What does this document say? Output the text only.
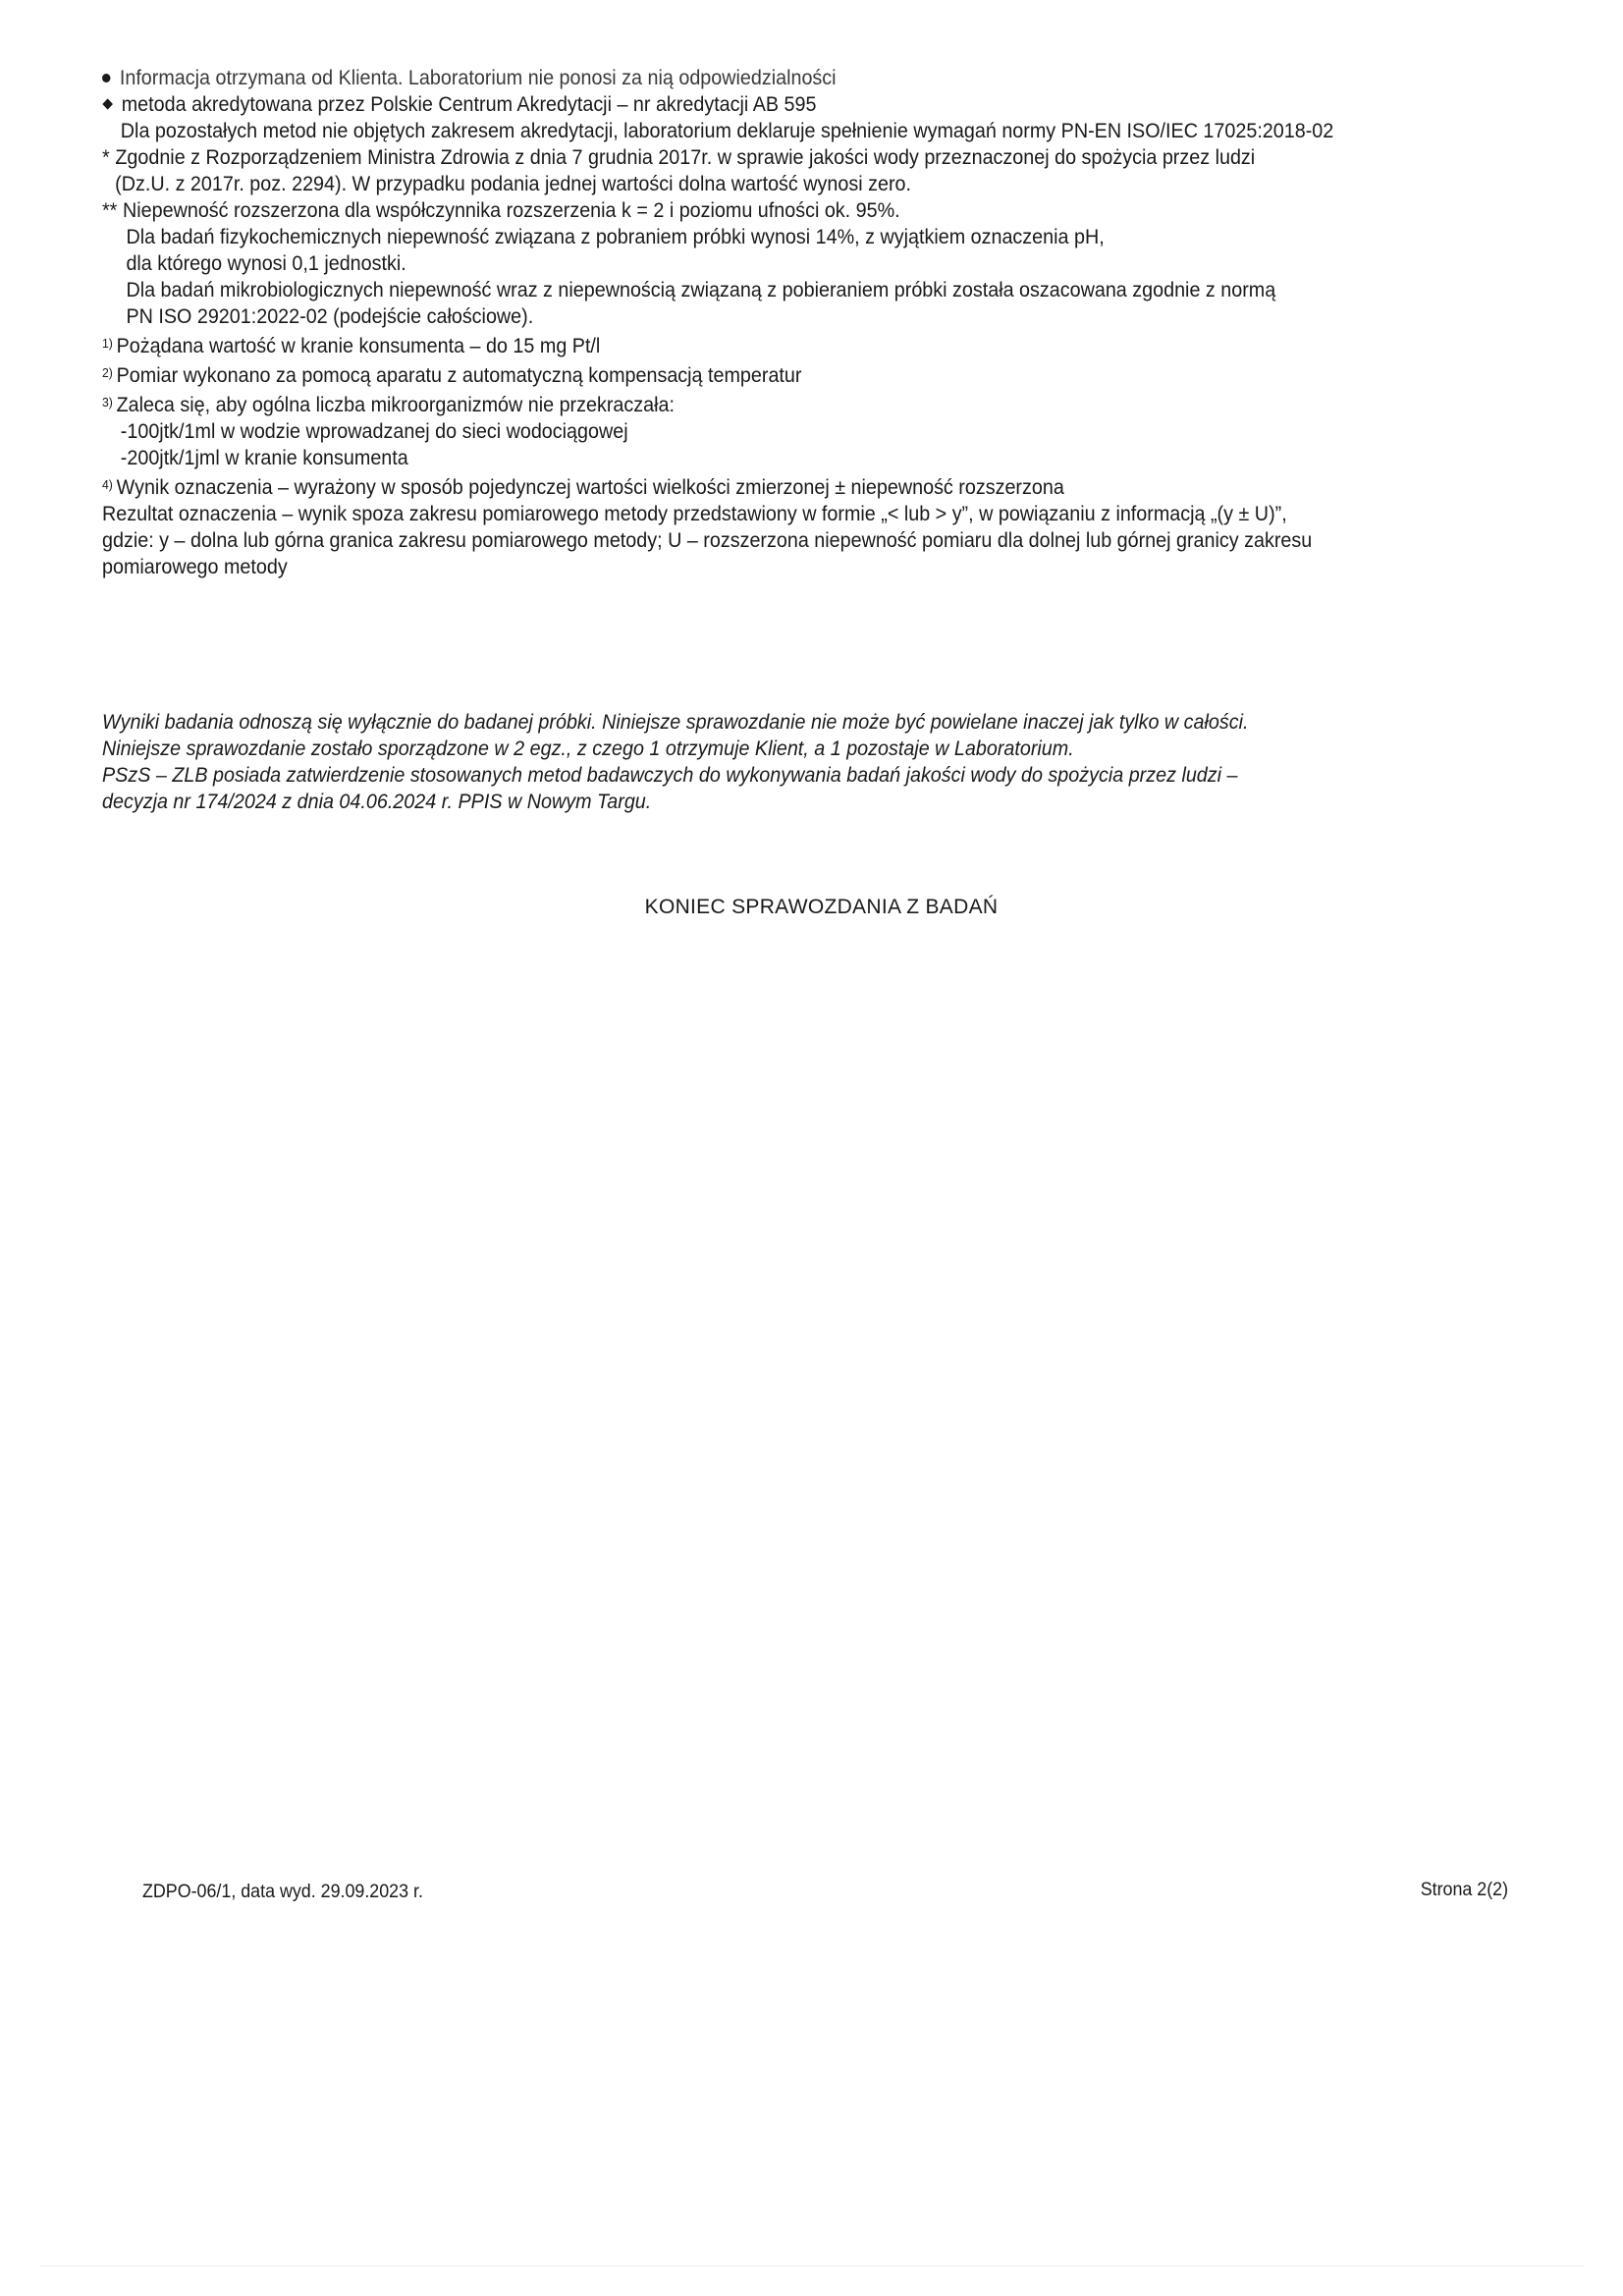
Informacja otrzymana od Klienta. Laboratorium nie ponosi za nią odpowiedzialności
metoda akredytowana przez Polskie Centrum Akredytacji – nr akredytacji AB 595
Dla pozostałych metod nie objętych zakresem akredytacji, laboratorium deklaruje spełnienie wymagań normy PN-EN ISO/IEC 17025:2018-02
* Zgodnie z Rozporządzeniem Ministra Zdrowia z dnia 7 grudnia 2017r. w sprawie jakości wody przeznaczonej do spożycia przez ludzi
(Dz.U. z 2017r. poz. 2294). W przypadku podania jednej wartości dolna wartość wynosi zero.
** Niepewność rozszerzona dla współczynnika rozszerzenia k = 2 i poziomu ufności ok. 95%.
Dla badań fizykochemicznych niepewność związana z pobraniem próbki wynosi 14%, z wyjątkiem oznaczenia pH,
dla którego wynosi 0,1 jednostki.
Dla badań mikrobiologicznych niepewność wraz z niepewnością związaną z pobieraniem próbki została oszacowana zgodnie z normą
PN ISO 29201:2022-02 (podejście całościowe).
$^{1)}$ Pożądana wartość w kranie konsumenta – do 15 mg Pt/l
$^{2)}$ Pomiar wykonano za pomocą aparatu z automatyczną kompensacją temperatur
$^{3)}$ Zaleca się, aby ogólna liczba mikroorganizmów nie przekraczała:
-100jtk/1ml w wodzie wprowadzanej do sieci wodociągowej
-200jtk/1jml w kranie konsumenta
$^{4)}$ Wynik oznaczenia – wyrażony w sposób pojedynczej wartości wielkości zmierzonej ± niepewność rozszerzona
Rezultat oznaczenia – wynik spoza zakresu pomiarowego metody przedstawiony w formie „< lub > y”, w powiązaniu z informacją „(y ± U)”,
gdzie: y – dolna lub górna granica zakresu pomiarowego metody; U – rozszerzona niepewność pomiaru dla dolnej lub górnej granicy zakresu
pomiarowego metody
Wyniki badania odnoszą się wyłącznie do badanej próbki. Niniejsze sprawozdanie nie może być powielane inaczej jak tylko w całości.
Niniejsze sprawozdanie zostało sporządzone w 2 egz., z czego 1 otrzymuje Klient, a 1 pozostaje w Laboratorium.
PSzS – ZLB posiada zatwierdzenie stosowanych metod badawczych do wykonywania badań jakości wody do spożycia przez ludzi –
decyzja nr 174/2024 z dnia 04.06.2024 r. PPIS w Nowym Targu.
KONIEC SPRAWOZDANIA Z BADAŃ
ZDPO-06/1, data wyd. 29.09.2023 r.	Strona 2(2)
